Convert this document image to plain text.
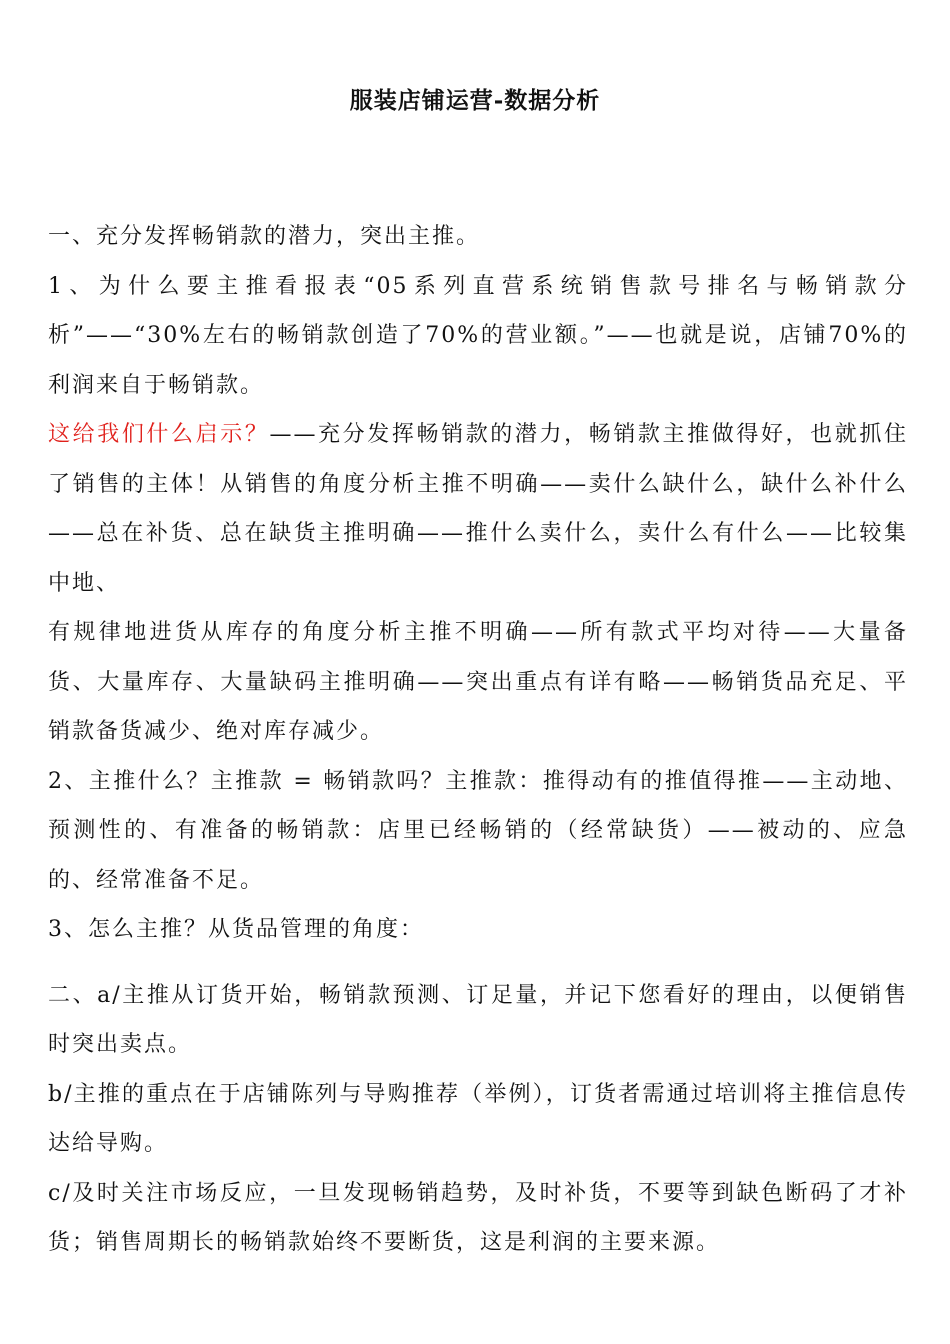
服装店铺运营-数据分析

一、充分发挥畅销款的潜力，突出主推。

1、为什么要主推看报表“05系列直营系统销售款号排名与畅销款分析”——“30%左右的畅销款创造了70%的营业额。”——也就是说，店铺70%的利润来自于畅销款。

这给我们什么启示？——充分发挥畅销款的潜力，畅销款主推做得好，也就抓住了销售的主体！从销售的角度分析主推不明确——卖什么缺什么，缺什么补什么——总在补货、总在缺货主推明确——推什么卖什么，卖什么有什么——比较集中地、

有规律地进货从库存的角度分析主推不明确——所有款式平均对待——大量备货、大量库存、大量缺码主推明确——突出重点有详有略——畅销货品充足、平销款备货减少、绝对库存减少。

2、主推什么？主推款 = 畅销款吗？主推款：推得动有的推值得推——主动地、预测性的、有准备的畅销款：店里已经畅销的（经常缺货）——被动的、应急的、经常准备不足。

3、怎么主推？从货品管理的角度：

二、a/主推从订货开始，畅销款预测、订足量，并记下您看好的理由，以便销售时突出卖点。

b/主推的重点在于店铺陈列与导购推荐（举例），订货者需通过培训将主推信息传达给导购。

c/及时关注市场反应，一旦发现畅销趋势，及时补货，不要等到缺色断码了才补货；销售周期长的畅销款始终不要断货，这是利润的主要来源。
